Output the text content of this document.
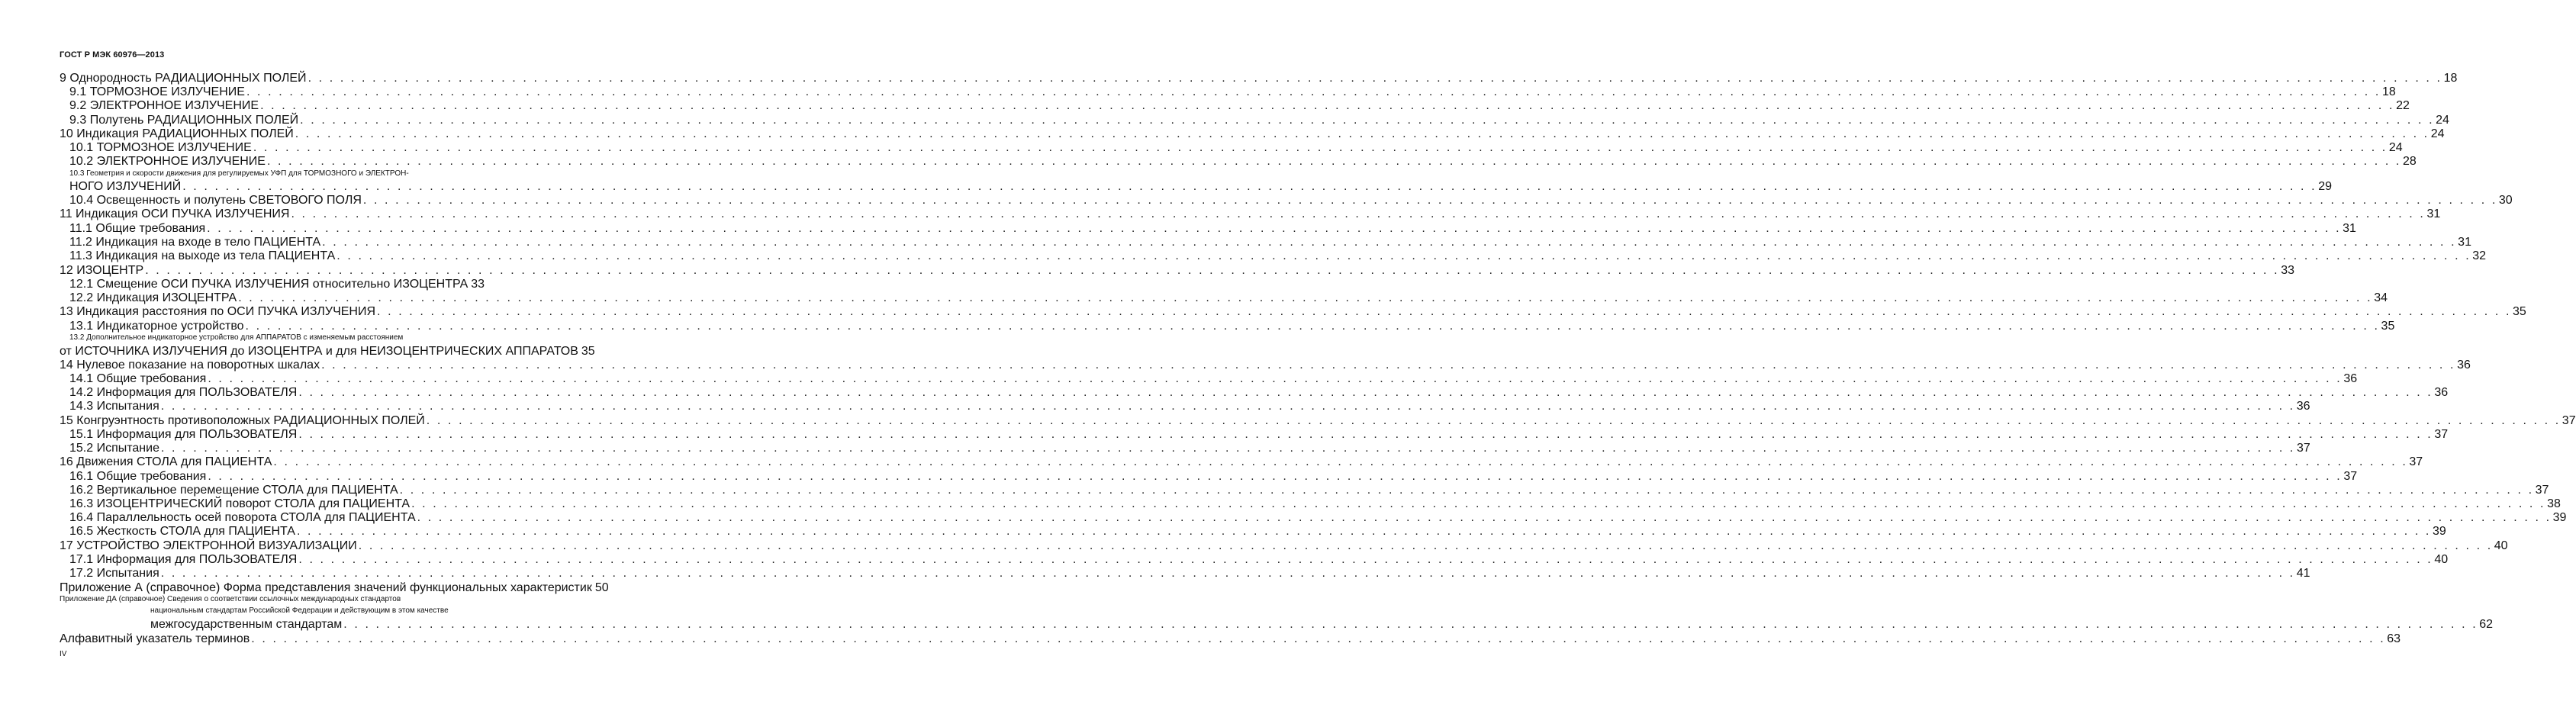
ГОСТ Р МЭК 60976—2013
9 Однородность РАДИАЦИОННЫХ ПОЛЕЙ . . .	18
9.1 ТОРМОЗНОЕ ИЗЛУЧЕНИЕ . . .	18
9.2 ЭЛЕКТРОННОЕ ИЗЛУЧЕНИЕ . . .	22
9.3 Полутень РАДИАЦИОННЫХ ПОЛЕЙ . . .	24
10 Индикация РАДИАЦИОННЫХ ПОЛЕЙ . . .	24
10.1 ТОРМОЗНОЕ ИЗЛУЧЕНИЕ . . .	24
10.2 ЭЛЕКТРОННОЕ ИЗЛУЧЕНИЕ . . .	28
10.3 Геометрия и скорости движения для регулируемых УФП для ТОРМОЗНОГО и ЭЛЕКТРОН-
НОГО ИЗЛУЧЕНИЙ . . .	29
10.4 Освещенность и полутень СВЕТОВОГО ПОЛЯ . . .	30
11 Индикация ОСИ ПУЧКА ИЗЛУЧЕНИЯ . . .	31
11.1 Общие требования . . .	31
11.2 Индикация на входе в тело ПАЦИЕНТА . . .	31
11.3 Индикация на выходе из тела ПАЦИЕНТА . . .	32
12 ИЗОЦЕНТР . . .	33
12.1 Смещение ОСИ ПУЧКА ИЗЛУЧЕНИЯ относительно ИЗОЦЕНТРА 33
12.2 Индикация ИЗОЦЕНТРА . . .	34
13 Индикация расстояния по ОСИ ПУЧКА ИЗЛУЧЕНИЯ . . .	35
13.1 Индикаторное устройство . . .	35
13.2 Дополнительное индикаторное устройство для АППАРАТОВ с изменяемым расстоянием
от ИСТОЧНИКА ИЗЛУЧЕНИЯ до ИЗОЦЕНТРА и для НЕИЗОЦЕНТРИЧЕСКИХ АППАРАТОВ 35
14 Нулевое показание на поворотных шкалах . . .	36
14.1 Общие требования . . .	36
14.2 Информация для ПОЛЬЗОВАТЕЛЯ . . .	36
14.3 Испытания . . .	36
15 Конгруэнтность противоположных РАДИАЦИОННЫХ ПОЛЕЙ . . .	37
15.1 Информация для ПОЛЬЗОВАТЕЛЯ . . .	37
15.2 Испытание . . .	37
16 Движения СТОЛА для ПАЦИЕНТА . . .	37
16.1 Общие требования . . .	37
16.2 Вертикальное перемещение СТОЛА для ПАЦИЕНТА . . .	37
16.3 ИЗОЦЕНТРИЧЕСКИЙ поворот СТОЛА для ПАЦИЕНТА . . .	38
16.4 Параллельность осей поворота СТОЛА для ПАЦИЕНТА . . .	39
16.5 Жесткость СТОЛА для ПАЦИЕНТА . . .	39
17 УСТРОЙСТВО ЭЛЕКТРОННОЙ ВИЗУАЛИЗАЦИИ . . .	40
17.1 Информация для ПОЛЬЗОВАТЕЛЯ . . .	40
17.2 Испытания . . .	41
Приложение А (справочное) Форма представления значений функциональных характеристик 50
Приложение ДА (справочное) Сведения о соответствии ссылочных международных стандартов
национальным стандартам Российской Федерации и действующим в этом качестве
межгосударственным стандартам . . .	62
Алфавитный указатель терминов . . .	63
IV
